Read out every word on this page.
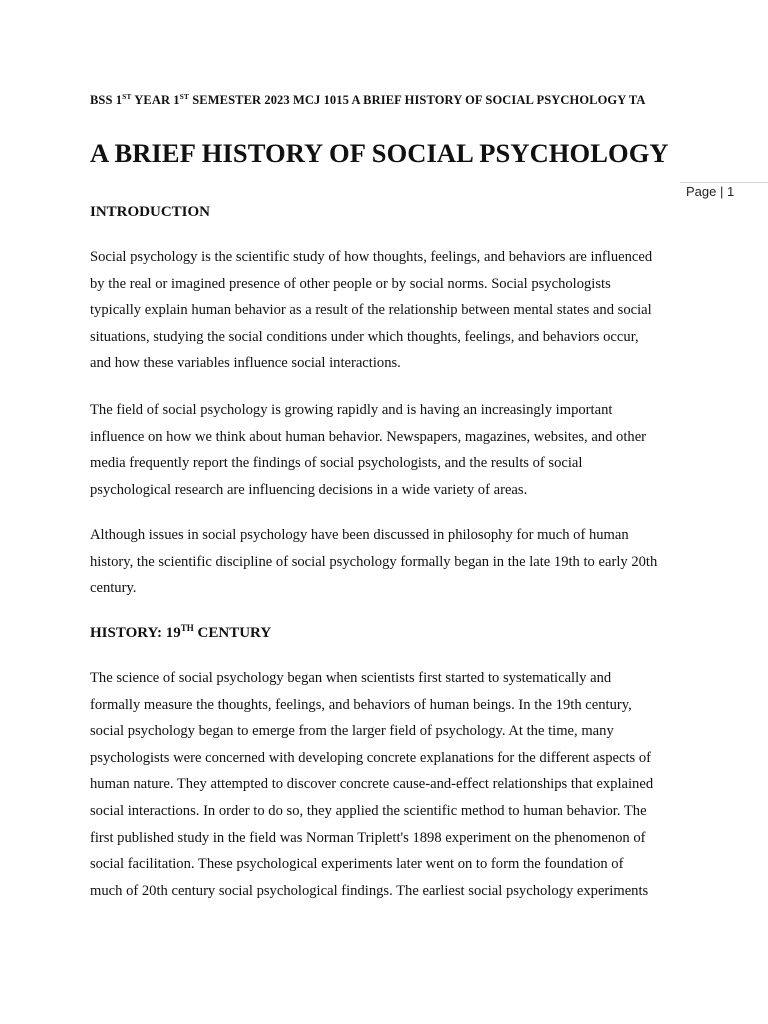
BSS 1ST YEAR 1ST SEMESTER 2023 MCJ 1015 A BRIEF HISTORY OF SOCIAL PSYCHOLOGY TA
A BRIEF HISTORY OF SOCIAL PSYCHOLOGY
Page | 1
INTRODUCTION

Social psychology is the scientific study of how thoughts, feelings, and behaviors are influenced
by the real or imagined presence of other people or by social norms. Social psychologists
typically explain human behavior as a result of the relationship between mental states and social
situations, studying the social conditions under which thoughts, feelings, and behaviors occur,
and how these variables influence social interactions.

The field of social psychology is growing rapidly and is having an increasingly important
influence on how we think about human behavior. Newspapers, magazines, websites, and other
media frequently report the findings of social psychologists, and the results of social
psychological research are influencing decisions in a wide variety of areas.

Although issues in social psychology have been discussed in philosophy for much of human
history, the scientific discipline of social psychology formally began in the late 19th to early 20th
century.

HISTORY: 19TH CENTURY

The science of social psychology began when scientists first started to systematically and
formally measure the thoughts, feelings, and behaviors of human beings. In the 19th century,
social psychology began to emerge from the larger field of psychology. At the time, many
psychologists were concerned with developing concrete explanations for the different aspects of
human nature. They attempted to discover concrete cause-and-effect relationships that explained
social interactions. In order to do so, they applied the scientific method to human behavior. The
first published study in the field was Norman Triplett's 1898 experiment on the phenomenon of
social facilitation. These psychological experiments later went on to form the foundation of
much of 20th century social psychological findings. The earliest social psychology experiments
